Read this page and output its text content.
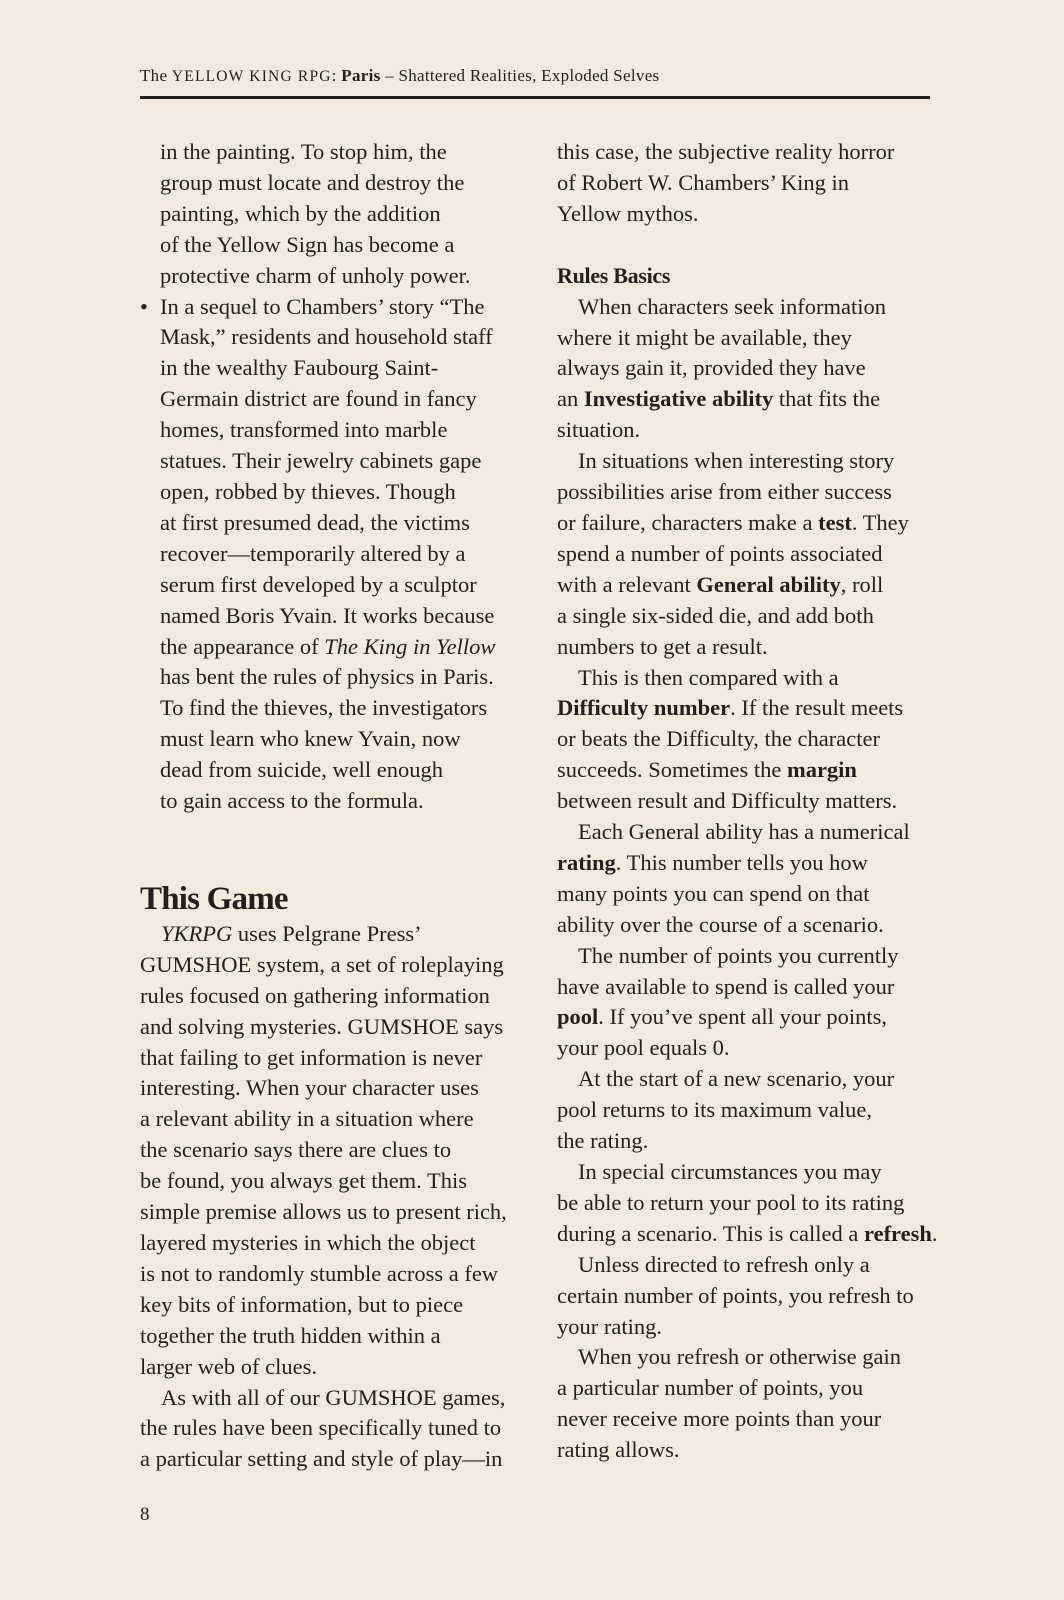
The YELLOW KING RPG: Paris – Shattered Realities, Exploded Selves
in the painting. To stop him, the
group must locate and destroy the
painting, which by the addition
of the Yellow Sign has become a
protective charm of unholy power.
• In a sequel to Chambers’ story “The
Mask,” residents and household staff
in the wealthy Faubourg Saint-
Germain district are found in fancy
homes, transformed into marble
statues. Their jewelry cabinets gape
open, robbed by thieves. Though
at first presumed dead, the victims
recover—temporarily altered by a
serum first developed by a sculptor
named Boris Yvain. It works because
the appearance of The King in Yellow
has bent the rules of physics in Paris.
To find the thieves, the investigators
must learn who knew Yvain, now
dead from suicide, well enough
to gain access to the formula.
This Game
YKRPG uses Pelgrane Press’
GUMSHOE system, a set of roleplaying
rules focused on gathering information
and solving mysteries. GUMSHOE says
that failing to get information is never
interesting. When your character uses
a relevant ability in a situation where
the scenario says there are clues to
be found, you always get them. This
simple premise allows us to present rich,
layered mysteries in which the object
is not to randomly stumble across a few
key bits of information, but to piece
together the truth hidden within a
larger web of clues.
As with all of our GUMSHOE games,
the rules have been specifically tuned to
a particular setting and style of play—in
this case, the subjective reality horror
of Robert W. Chambers’ King in
Yellow mythos.
Rules Basics
When characters seek information
where it might be available, they
always gain it, provided they have
an Investigative ability that fits the
situation.
In situations when interesting story
possibilities arise from either success
or failure, characters make a test. They
spend a number of points associated
with a relevant General ability, roll
a single six-sided die, and add both
numbers to get a result.
This is then compared with a
Difficulty number. If the result meets
or beats the Difficulty, the character
succeeds. Sometimes the margin
between result and Difficulty matters.
Each General ability has a numerical
rating. This number tells you how
many points you can spend on that
ability over the course of a scenario.
The number of points you currently
have available to spend is called your
pool. If you’ve spent all your points,
your pool equals 0.
At the start of a new scenario, your
pool returns to its maximum value,
the rating.
In special circumstances you may
be able to return your pool to its rating
during a scenario. This is called a refresh.
Unless directed to refresh only a
certain number of points, you refresh to
your rating.
When you refresh or otherwise gain
a particular number of points, you
never receive more points than your
rating allows.
8
